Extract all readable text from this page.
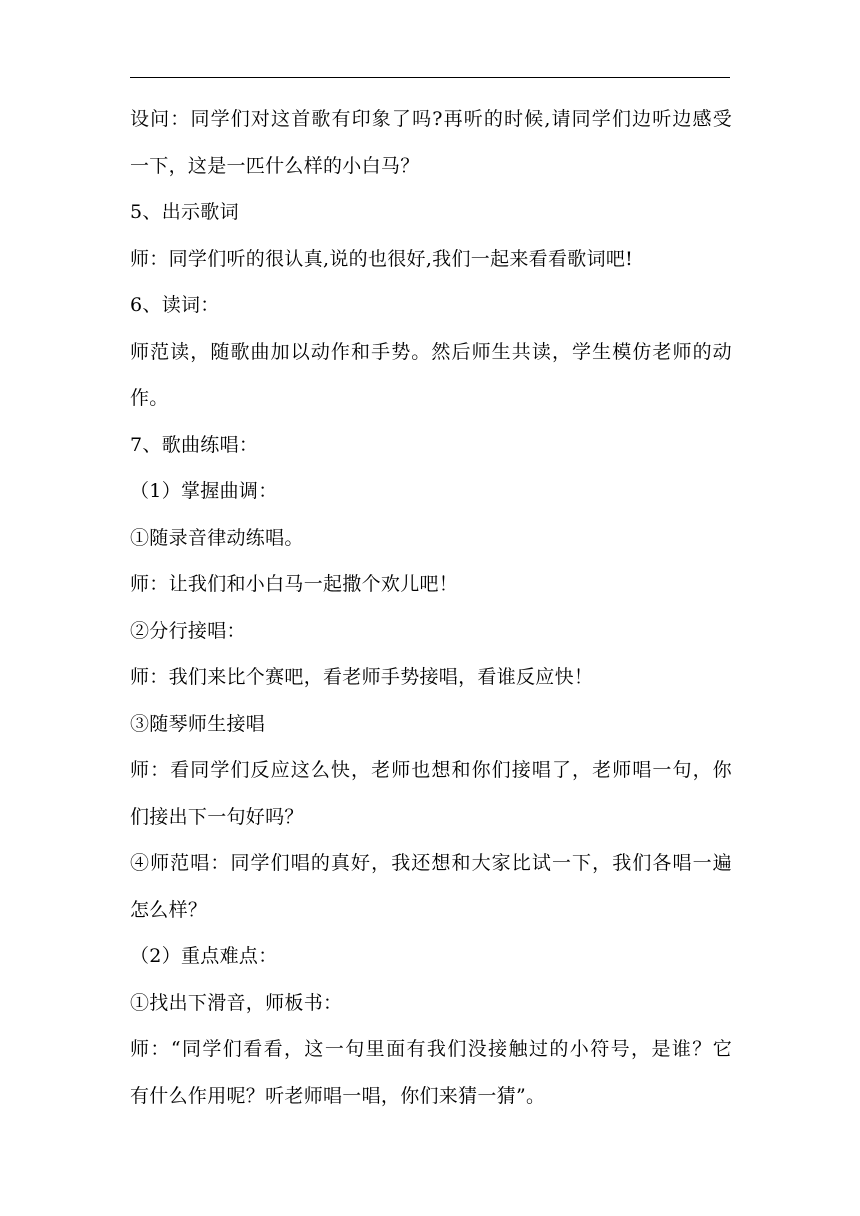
设问：同学们对这首歌有印象了吗?再听的时候,请同学们边听边感受
一下，这是一匹什么样的小白马？
5、出示歌词
师：同学们听的很认真,说的也很好,我们一起来看看歌词吧!
6、读词：
师范读，随歌曲加以动作和手势。然后师生共读，学生模仿老师的动
作。
7、歌曲练唱：
（1）掌握曲调：
①随录音律动练唱。
师：让我们和小白马一起撒个欢儿吧！
②分行接唱：
师：我们来比个赛吧，看老师手势接唱，看谁反应快！
③随琴师生接唱
师：看同学们反应这么快，老师也想和你们接唱了，老师唱一句，你
们接出下一句好吗？
④师范唱：同学们唱的真好，我还想和大家比试一下，我们各唱一遍
怎么样？
（2）重点难点：
①找出下滑音，师板书：
师：“同学们看看，这一句里面有我们没接触过的小符号，是谁？它
有什么作用呢？听老师唱一唱，你们来猜一猜”。
